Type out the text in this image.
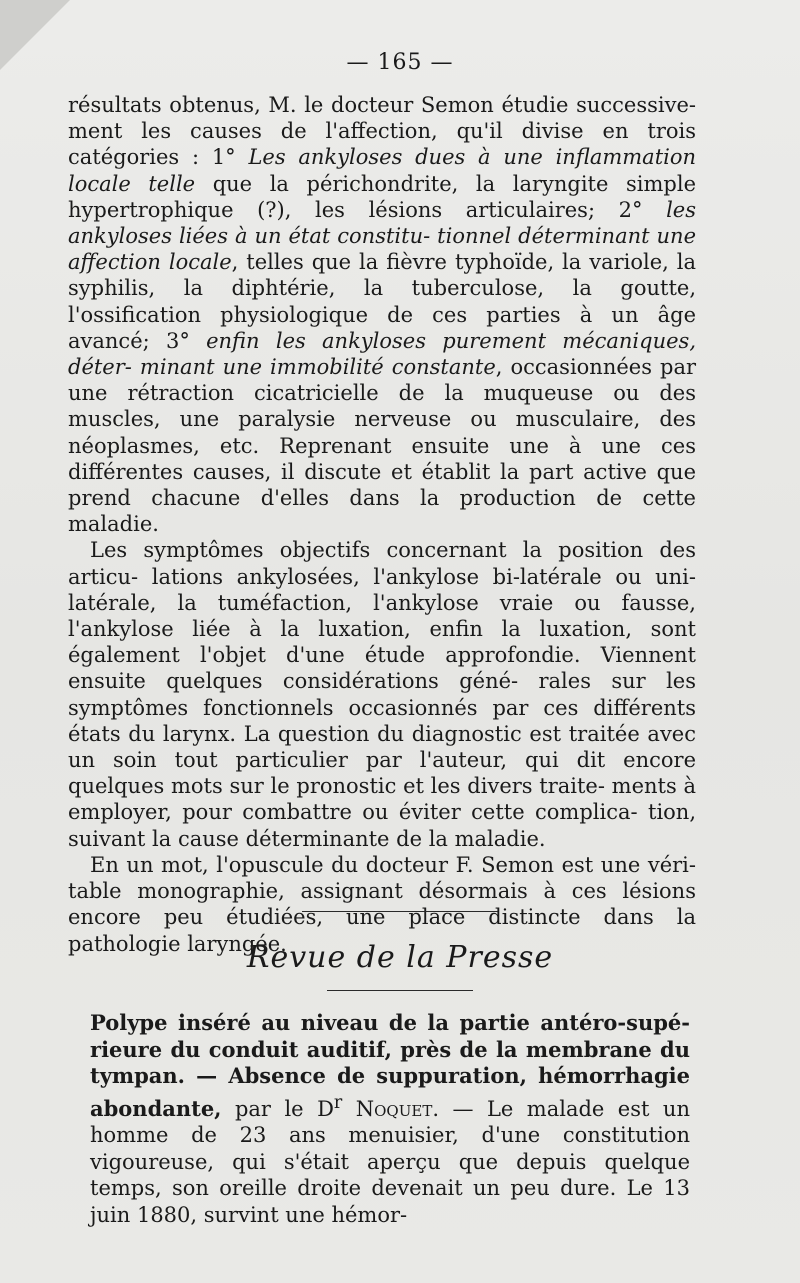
— 165 —

résultats obtenus, M. le docteur Semon étudie successive- ment les causes de l'affection, qu'il divise en trois catégories : 1° Les ankyloses dues à une inflammation locale telle que la périchondrite, la laryngite simple hypertrophique (?), les lésions articulaires; 2° les ankyloses liées à un état constitu- tionnel déterminant une affection locale, telles que la fièvre typhoïde, la variole, la syphilis, la diphtérie, la tuberculose, la goutte, l'ossification physiologique de ces parties à un âge avancé; 3° enfin les ankyloses purement mécaniques, déter- minant une immobilité constante, occasionnées par une rétraction cicatricielle de la muqueuse ou des muscles, une paralysie nerveuse ou musculaire, des néoplasmes, etc. Reprenant ensuite une à une ces différentes causes, il discute et établit la part active que prend chacune d'elles dans la production de cette maladie.

Les symptômes objectifs concernant la position des articu- lations ankylosées, l'ankylose bi-latérale ou uni-latérale, la tuméfaction, l'ankylose vraie ou fausse, l'ankylose liée à la luxation, enfin la luxation, sont également l'objet d'une étude approfondie. Viennent ensuite quelques considérations géné- rales sur les symptômes fonctionnels occasionnés par ces différents états du larynx. La question du diagnostic est traitée avec un soin tout particulier par l'auteur, qui dit encore quelques mots sur le pronostic et les divers traite- ments à employer, pour combattre ou éviter cette complica- tion, suivant la cause déterminante de la maladie.

En un mot, l'opuscule du docteur F. Semon est une véri- table monographie, assignant désormais à ces lésions encore peu étudiées, une place distincte dans la pathologie laryngée.

Revue de la Presse
Polype inséré au niveau de la partie antéro-supé- rieure du conduit auditif, près de la membrane du tympan. — Absence de suppuration, hémorrhagie abondante, par le $D^r$ Noquet. — Le malade est un homme de 23 ans menuisier, d'une constitution vigoureuse, qui s'était aperçu que depuis quelque temps, son oreille droite devenait un peu dure. Le 13 juin 1880, survint une hémor-
